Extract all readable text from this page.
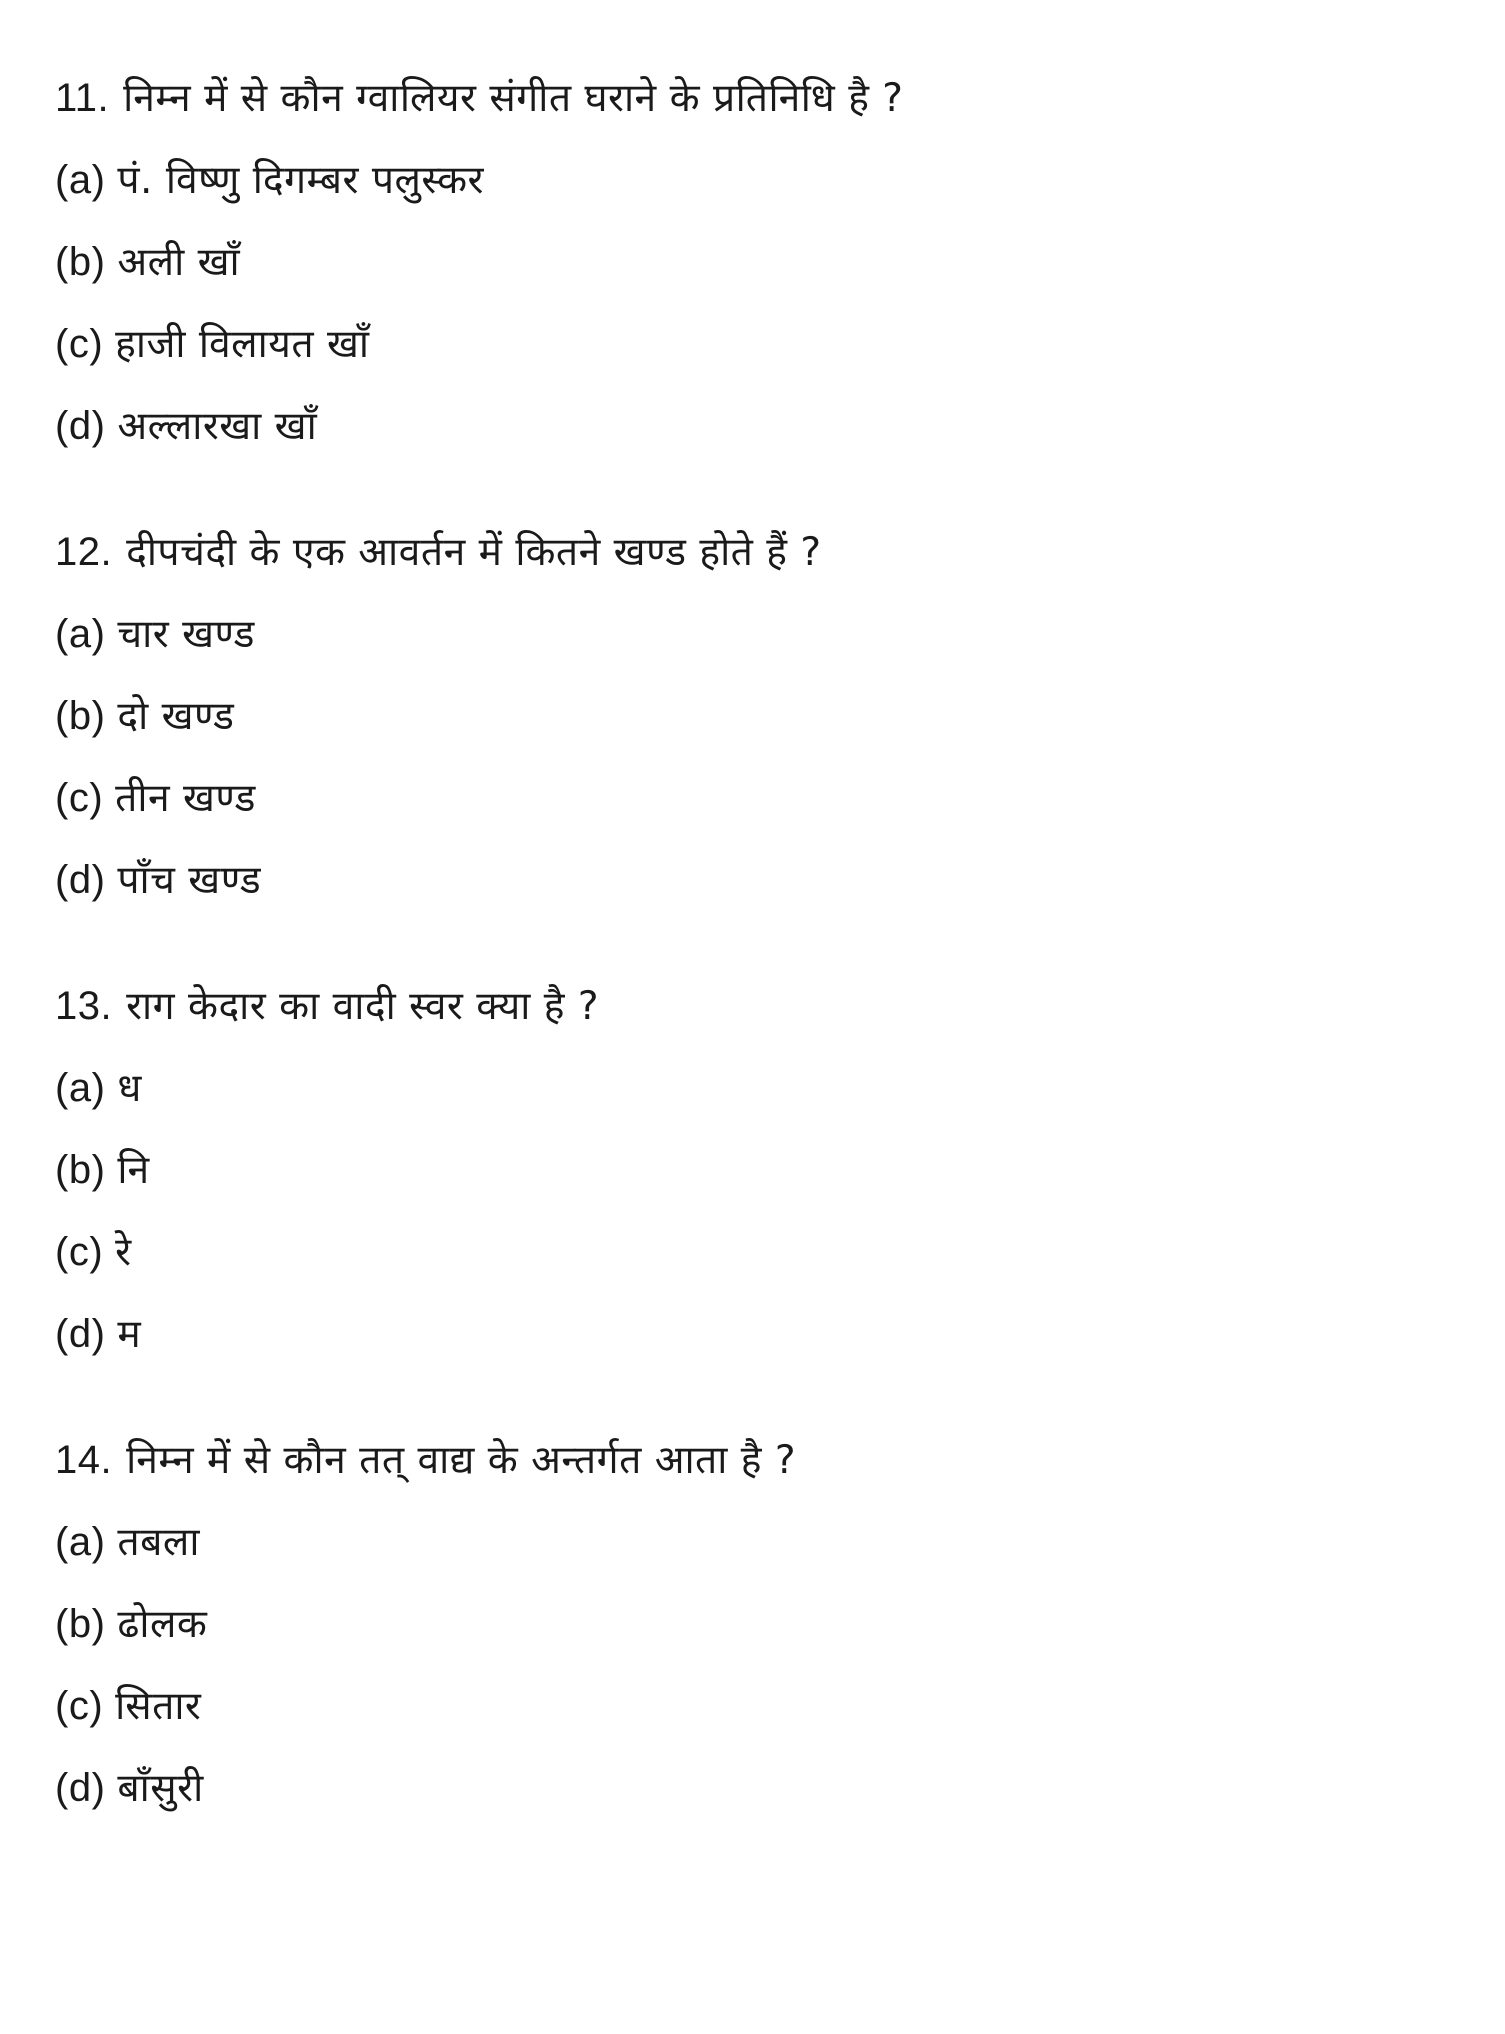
11. निम्न में से कौन ग्वालियर संगीत घराने के प्रतिनिधि है ?
(a) पं. विष्णु दिगम्बर पलुस्कर
(b) अली खाँ
(c) हाजी विलायत खाँ
(d) अल्लारखा खाँ
12. दीपचंदी के एक आवर्तन में कितने खण्ड होते हैं ?
(a) चार खण्ड
(b) दो खण्ड
(c) तीन खण्ड
(d) पाँच खण्ड
13. राग केदार का वादी स्वर क्या है ?
(a) ध
(b) नि
(c) रे
(d) म
14. निम्न में से कौन तत् वाद्य के अन्तर्गत आता है ?
(a) तबला
(b) ढोलक
(c) सितार
(d) बाँसुरी
